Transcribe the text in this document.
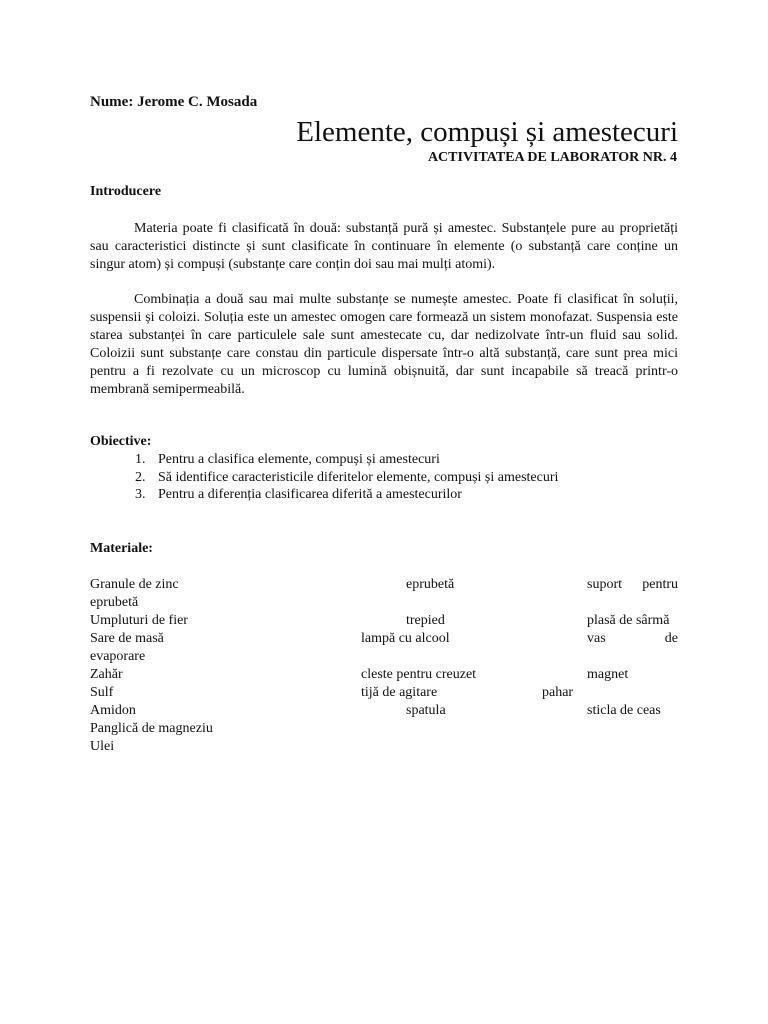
Nume: Jerome C. Mosada
Elemente, compuși și amestecuri
ACTIVITATEA DE LABORATOR NR. 4
Introducere

Materia poate fi clasificată în două: substanță pură și amestec. Substanțele pure au proprietăți sau caracteristici distincte și sunt clasificate în continuare în elemente (o substanță care conține un singur atom) și compuși (substanțe care conțin doi sau mai mulți atomi).

Combinația a două sau mai multe substanțe se numește amestec. Poate fi clasificat în soluții, suspensii și coloizi. Soluția este un amestec omogen care formează un sistem monofazat. Suspensia este starea substanței în care particulele sale sunt amestecate cu, dar nedizolvate într-un fluid sau solid. Coloizii sunt substanțe care constau din particule dispersate într-o altă substanță, care sunt prea mici pentru a fi rezolvate cu un microscop cu lumină obișnuită, dar sunt incapabile să treacă printr-o membrană semipermeabilă.

Obiective:
1. Pentru a clasifica elemente, compuși și amestecuri
2. Să identifice caracteristicile diferitelor elemente, compuși și amestecuri
3. Pentru a diferenția clasificarea diferită a amestecurilor
Materiale:
Granule de zinc
eprubetă
Umpluturi de fier
Sare de masă
evaporare
Zahăr
Sulf
Amidon
Panglică de magneziu
Ulei
eprubetă
trepied
lampă cu alcool
cleste pentru creuzet
tijă de agitare
spatula
suport pentru
plasă de sârmă
vas	de
magnet
pahar
sticla de ceas
